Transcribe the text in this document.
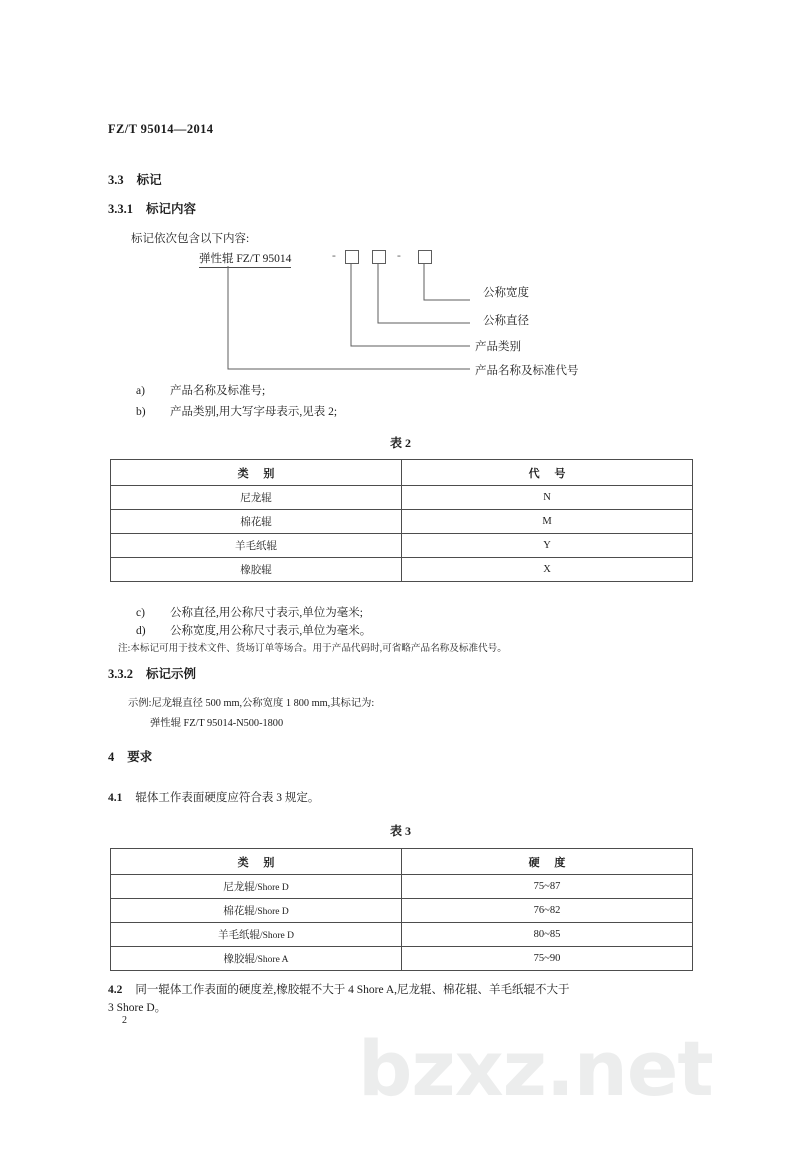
bzxz.net
FZ/T 95014—2014
3.3 标记
3.3.1 标记内容
标记依次包含以下内容:
弹性辊 FZ/T 95014	-	-
公称宽度
公称直径
产品类别
产品名称及标准代号
a) 产品名称及标准号;
b) 产品类别,用大写字母表示,见表 2;
表 2
类 别	代 号
尼龙辊	N
棉花辊	M
羊毛纸辊	Y
橡胶辊	X
c) 公称直径,用公称尺寸表示,单位为毫米;
d) 公称宽度,用公称尺寸表示,单位为毫米。
注:本标记可用于技术文件、货场订单等场合。用于产品代码时,可省略产品名称及标准代号。
3.3.2 标记示例
示例:尼龙辊直径 500 mm,公称宽度 1 800 mm,其标记为:
弹性辊 FZ/T 95014-N500-1800
4 要求
4.1 辊体工作表面硬度应符合表 3 规定。
表 3
类 别	硬 度
尼龙辊/Shore D	75~87
棉花辊/Shore D	76~82
羊毛纸辊/Shore D	80~85
橡胶辊/Shore A	75~90
4.2 同一辊体工作表面的硬度差,橡胶辊不大于 4 Shore A,尼龙辊、棉花辊、羊毛纸辊不大于
3 Shore D。
2
